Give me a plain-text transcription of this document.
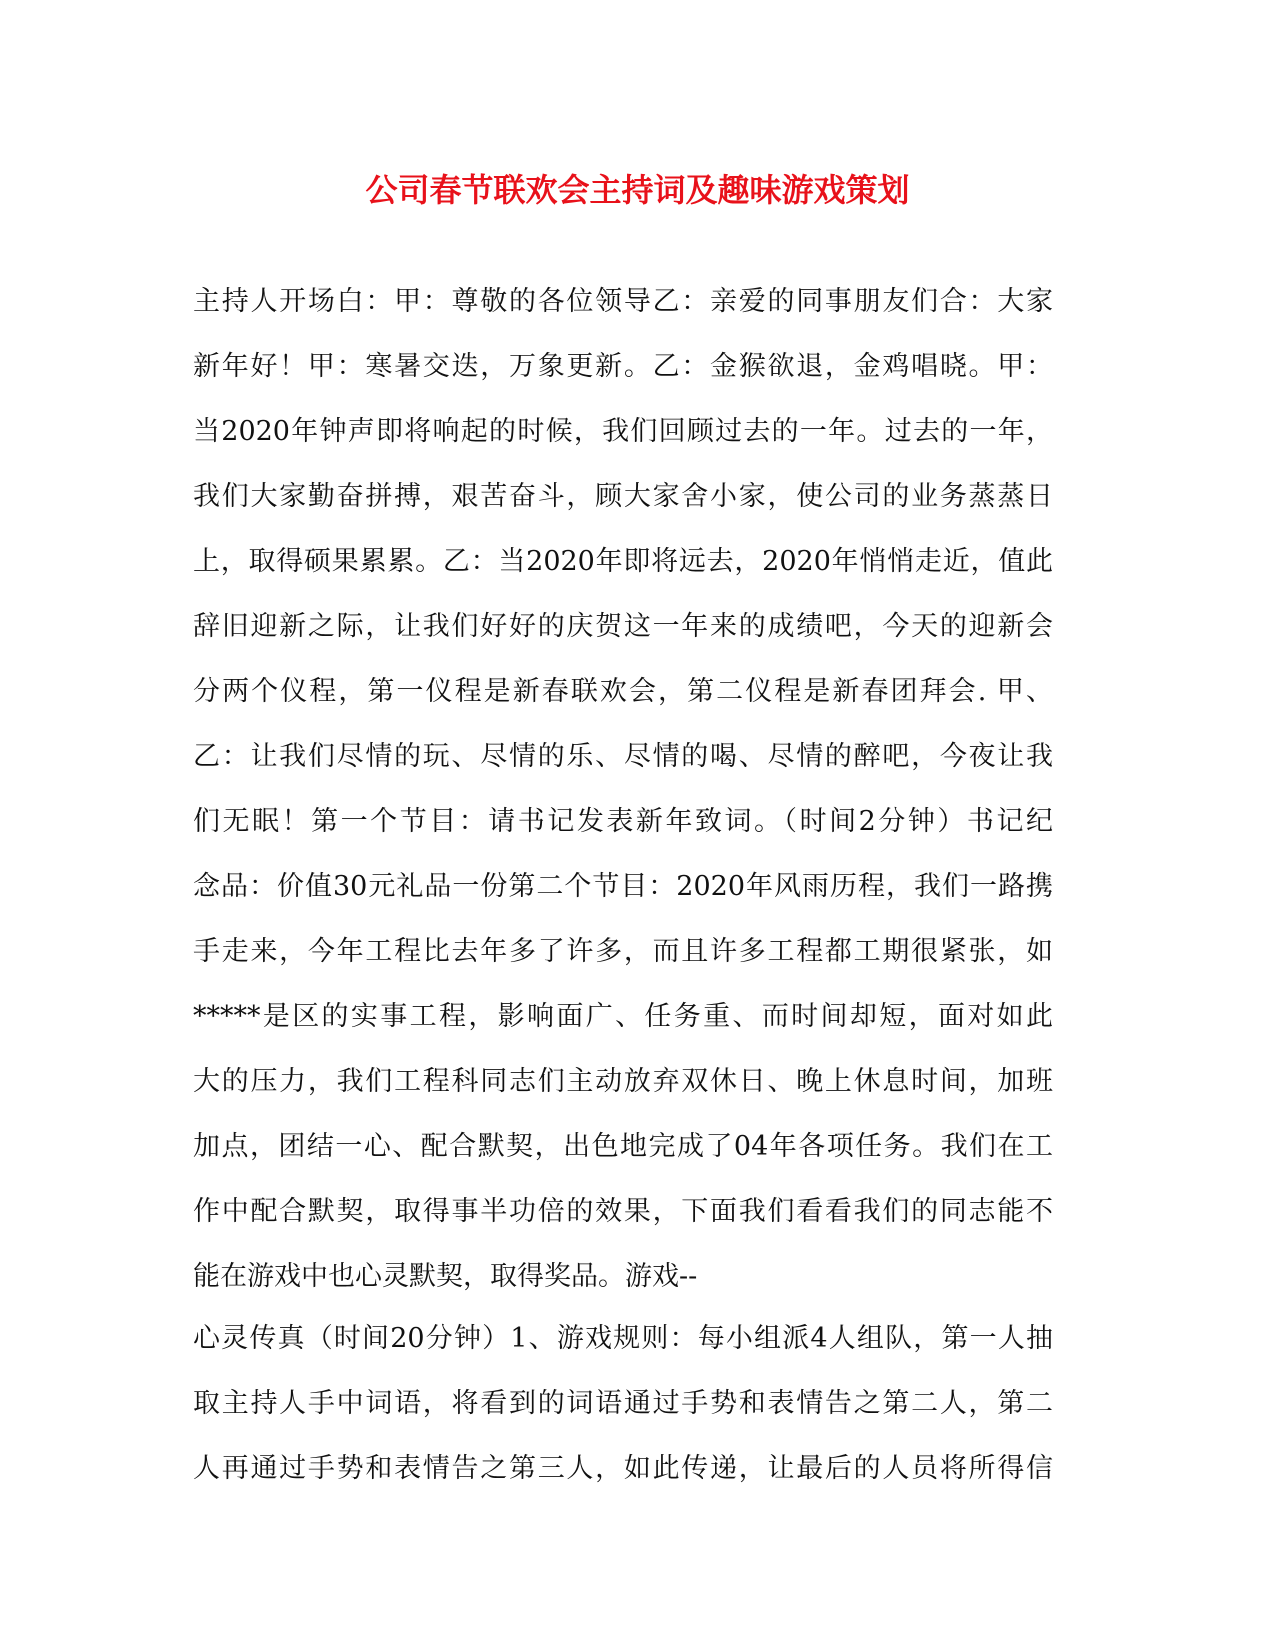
公司春节联欢会主持词及趣味游戏策划
主持人开场白：甲：尊敬的各位领导乙：亲爱的同事朋友们合：大家
新年好！甲：寒暑交迭，万象更新。乙：金猴欲退，金鸡唱晓。甲：
当2020年钟声即将响起的时候，我们回顾过去的一年。过去的一年，
我们大家勤奋拼搏，艰苦奋斗，顾大家舍小家，使公司的业务蒸蒸日
上，取得硕果累累。乙：当2020年即将远去，2020年悄悄走近，值此
辞旧迎新之际，让我们好好的庆贺这一年来的成绩吧，今天的迎新会
分两个仪程，第一仪程是新春联欢会，第二仪程是新春团拜会. 甲、
乙：让我们尽情的玩、尽情的乐、尽情的喝、尽情的醉吧，今夜让我
们无眠！第一个节目：请书记发表新年致词。（时间2分钟）书记纪
念品：价值30元礼品一份第二个节目：2020年风雨历程，我们一路携
手走来，今年工程比去年多了许多，而且许多工程都工期很紧张，如
*****是区的实事工程，影响面广、任务重、而时间却短，面对如此
大的压力，我们工程科同志们主动放弃双休日、晚上休息时间，加班
加点，团结一心、配合默契，出色地完成了04年各项任务。我们在工
作中配合默契，取得事半功倍的效果，下面我们看看我们的同志能不
能在游戏中也心灵默契，取得奖品。游戏--
心灵传真（时间20分钟）1、游戏规则：每小组派4人组队，第一人抽
取主持人手中词语，将看到的词语通过手势和表情告之第二人，第二
人再通过手势和表情告之第三人，如此传递，让最后的人员将所得信
